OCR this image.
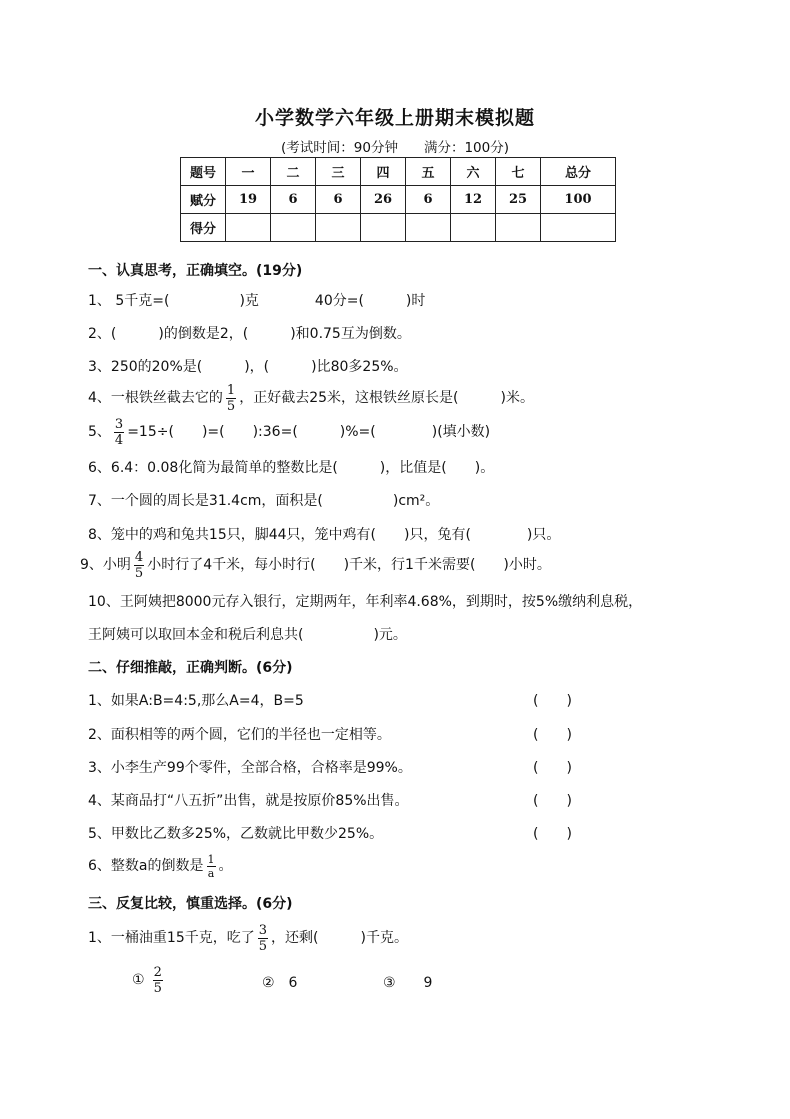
小学数学六年级上册期末模拟题
(考试时间：90分钟 满分：100分)
题号	一	二	三	四	五	六	七	总分
赋分	19	6	6	26	6	12	25	100
得分								
一、认真思考，正确填空。(19分)
1、 5千克=(　　　　　)克　　　　40分=(　　　)时
2、(　　　)的倒数是2，(　　　)和0.75互为倒数。
3、250的20%是(　　　)，(　　　)比80多25%。
4、一根铁丝截去它的 $\frac{1}{5}$ ，正好截去25米，这根铁丝原长是(　　　)米。
5、 $\frac{3}{4} =15\div$(　　)=(　　):36=(　　　)%=(　　　　)(填小数)
6、6.4：0.08化简为最简单的整数比是(　　　)，比值是(　　)。
7、一个圆的周长是31.4cm，面积是(　　　　　)cm²。
8、笼中的鸡和兔共15只，脚44只，笼中鸡有(　　)只，兔有(　　　　)只。
9、小明 $\frac{4}{5}$ 小时行了4千米，每小时行(　　)千米，行1千米需要(　　)小时。
10、王阿姨把8000元存入银行，定期两年，年利率4.68%，到期时，按5%缴纳利息税，
王阿姨可以取回本金和税后利息共(　　　　　)元。
二、仔细推敲，正确判断。(6分)
1、如果A:B=4:5,那么A=4，B=5	(　　)
2、面积相等的两个圆，它们的半径也一定相等。	(　　)
3、小李生产99个零件，全部合格，合格率是99%。	(　　)
4、某商品打“八五折”出售，就是按原价85%出售。	(　　)
5、甲数比乙数多25%，乙数就比甲数少25%。	(　　)
6、整数a的倒数是 $\frac{1}{a}$ 。
三、反复比较，慎重选择。(6分)
1、一桶油重15千克，吃了 $\frac{3}{5}$ ，还剩(　　　)千克。
① $\frac{2}{5}$	②　6	③　　9
